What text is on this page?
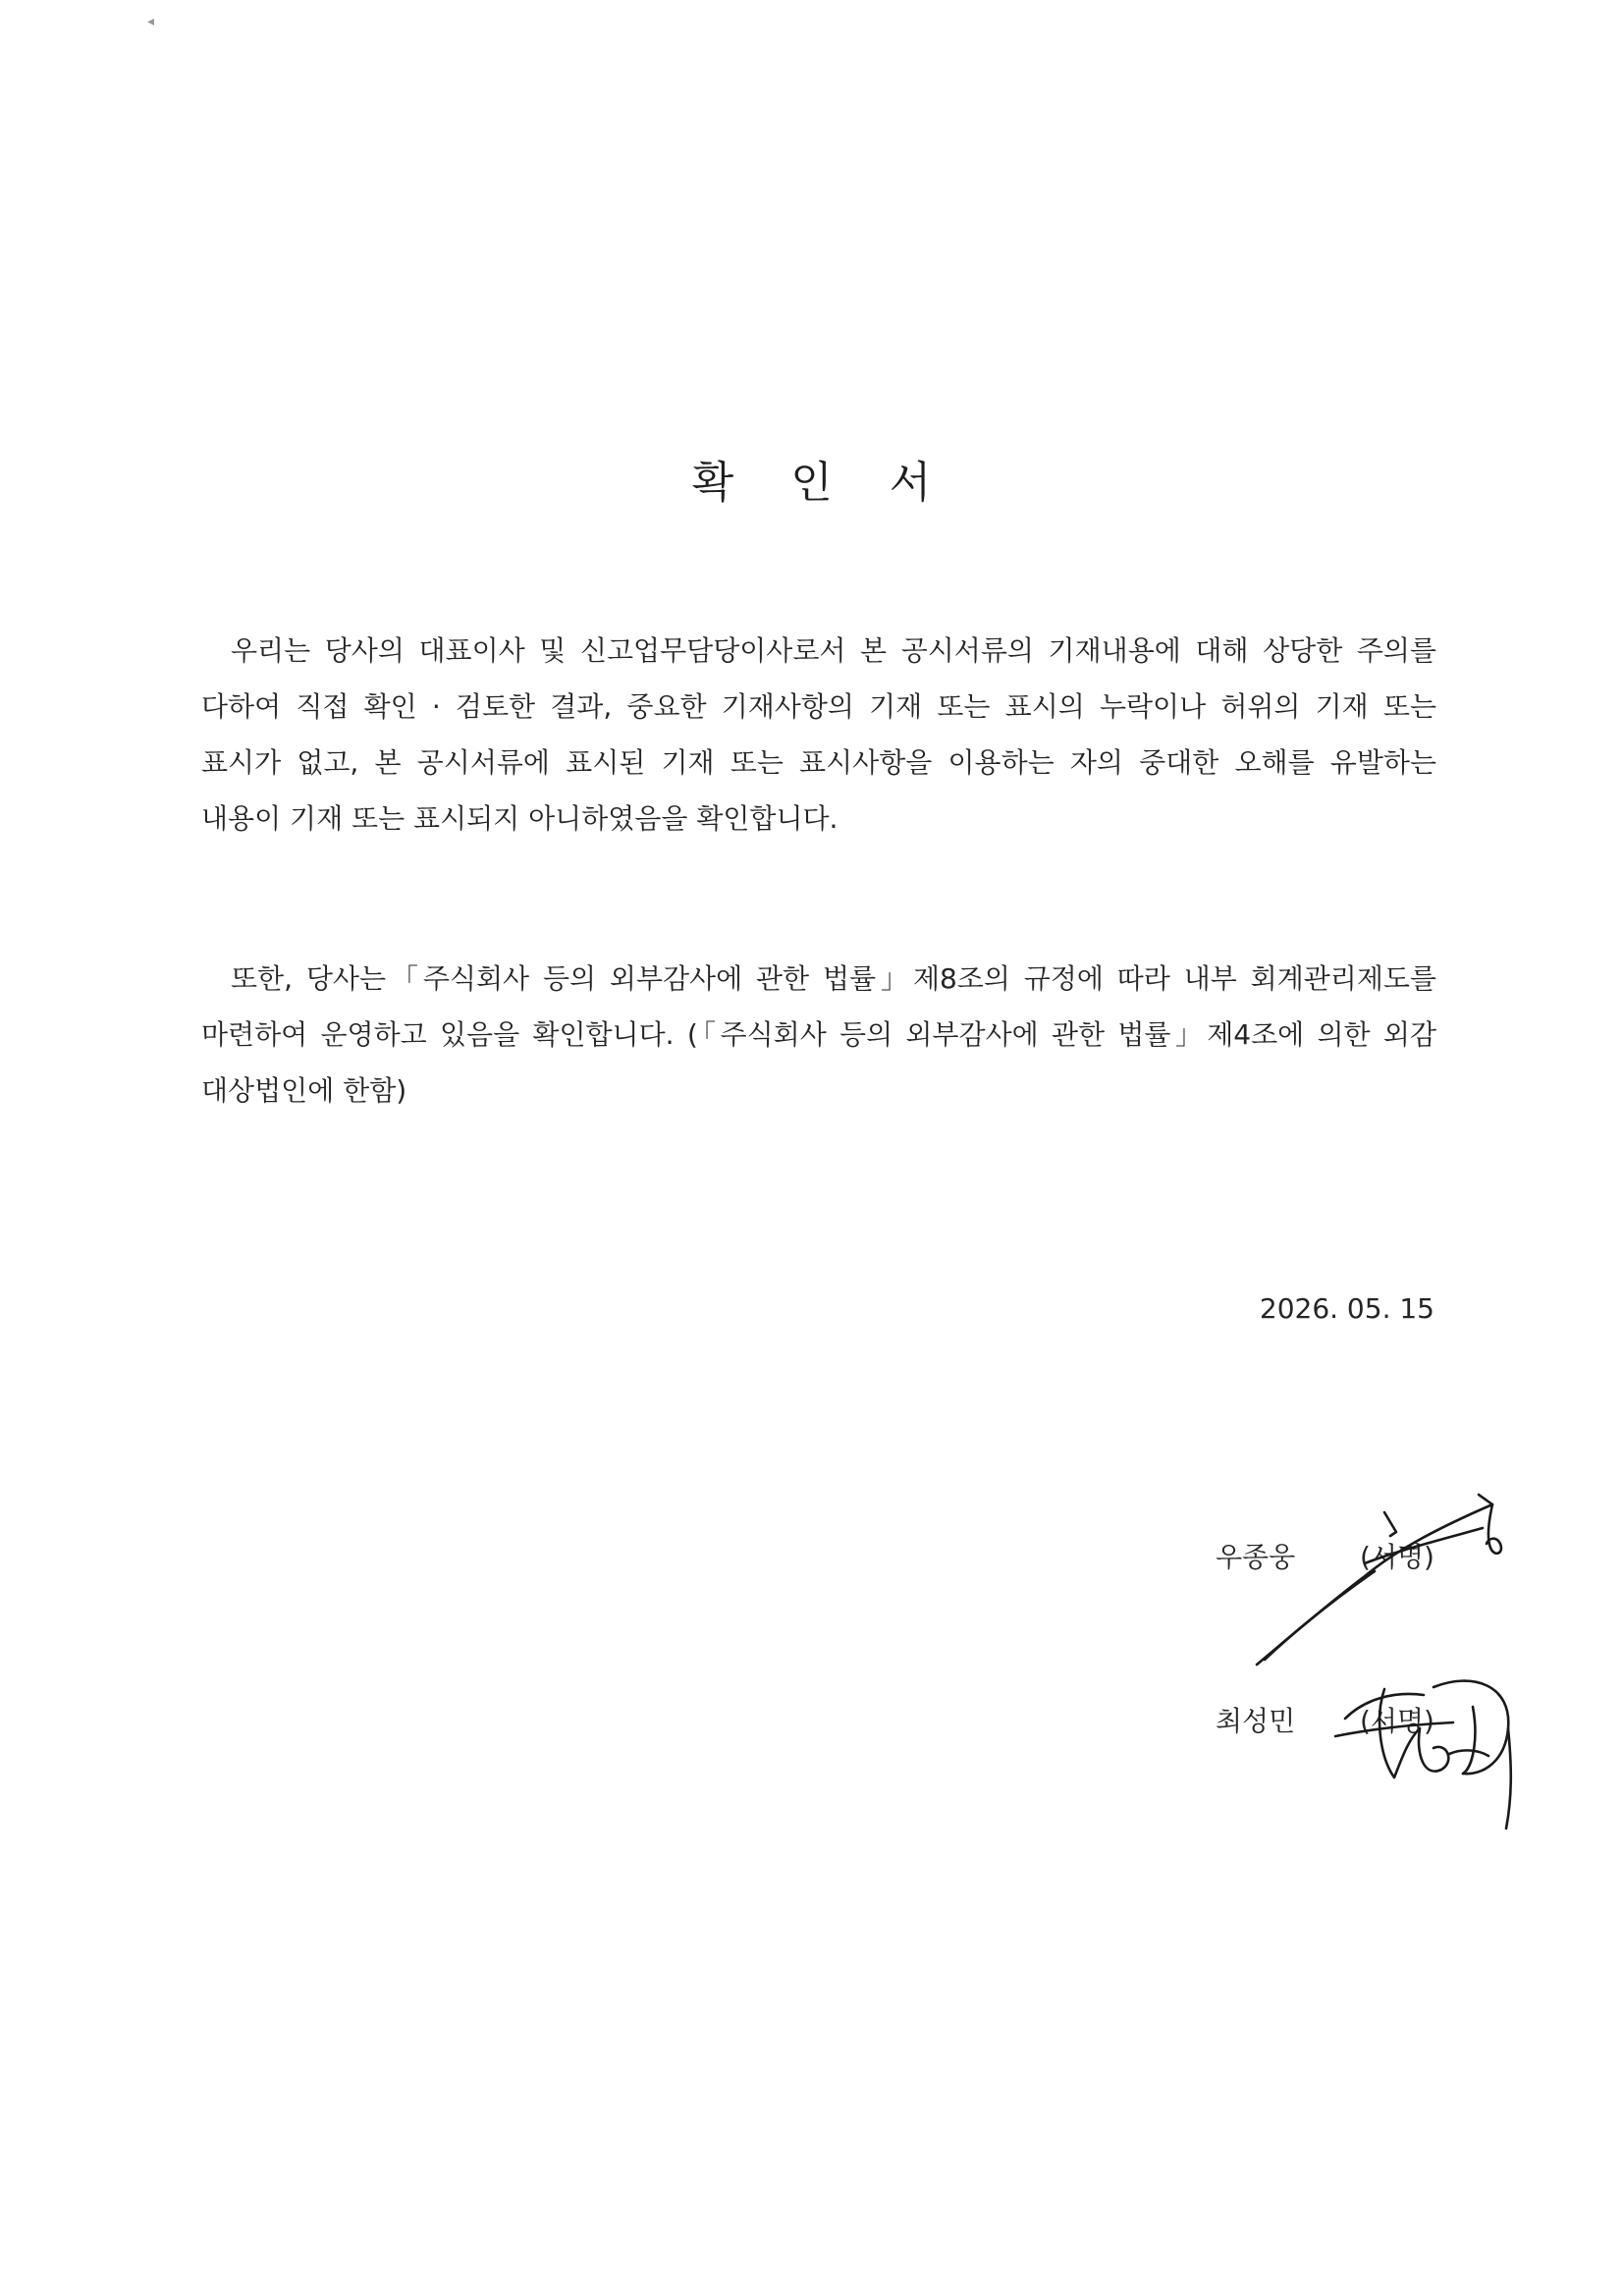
◂
확 인 서

우리는 당사의 대표이사 및 신고업무담당이사로서 본 공시서류의 기재내용에 대해 상당한 주의를 다하여 직접 확인 · 검토한 결과, 중요한 기재사항의 기재 또는 표시의 누락이나 허위의 기재 또는 표시가 없고, 본 공시서류에 표시된 기재 또는 표시사항을 이용하는 자의 중대한 오해를 유발하는 내용이 기재 또는 표시되지 아니하였음을 확인합니다.

또한, 당사는「주식회사 등의 외부감사에 관한 법률」제8조의 규정에 따라 내부 회계관리제도를 마련하여 운영하고 있음을 확인합니다. (「주식회사 등의 외부감사에 관한 법률」제4조에 의한 외감 대상법인에 한함)

2026. 05. 15
우종웅 (서명)
최성민 (서명)
